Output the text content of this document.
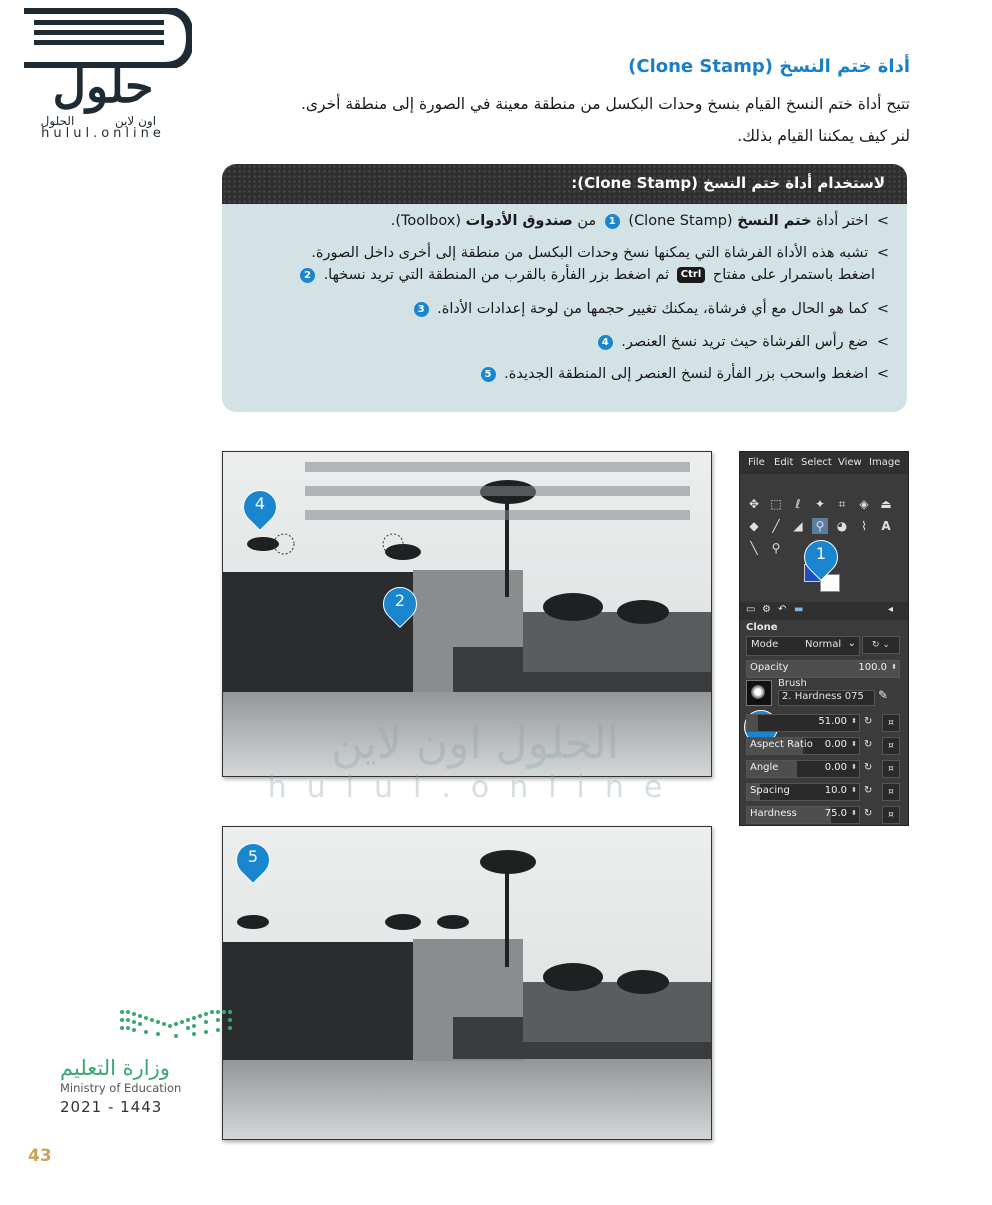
حلول
الحلول	اون لاين
hulul.online
أداة ختم النسخ (Clone Stamp)
تتيح أداة ختم النسخ القيام بنسخ وحدات البكسل من منطقة معينة في الصورة إلى منطقة أخرى.
لنر كيف يمكننا القيام بذلك.
لاستخدام أداة ختم النسخ (Clone Stamp):
> اختر أداة ختم النسخ (Clone Stamp) 1 من صندوق الأدوات (Toolbox).
> تشبه هذه الأداة الفرشاة التي يمكنها نسخ وحدات البكسل من منطقة إلى أخرى داخل الصورة.
اضغط باستمرار على مفتاح Ctrl ثم اضغط بزر الفأرة بالقرب من المنطقة التي تريد نسخها. 2
> كما هو الحال مع أي فرشاة، يمكنك تغيير حجمها من لوحة إعدادات الأداة. 3
> ضع رأس الفرشاة حيث تريد نسخ العنصر. 4
> اضغط واسحب بزر الفأرة لنسخ العنصر إلى المنطقة الجديدة. 5
الحلول اون لاين
hulul.online
4
2
5
File Edit Select View Image
✥ ⬚	ℓ	✦	⌗	◈ ⏏
◆	╱	◢ ⚲	◕	⌇	A
╲	⚲	1
▭ ⚙ ↶ ▬	◂
Clone
Mode	Normal ⌄	↻ ⌄
Opacity	100.0 ⬍
Brush
2. Hardness 075	✎
51.00 ⬍ ↻	¤
Aspect Ratio 0.00 ⬍ ↻	¤
Angle	0.00 ⬍ ↻	¤
Spacing	10.0 ⬍ ↻	¤
Hardness	75.0 ⬍ ↻	¤
وزارة التعليم
Ministry of Education
2021 - 1443
43
